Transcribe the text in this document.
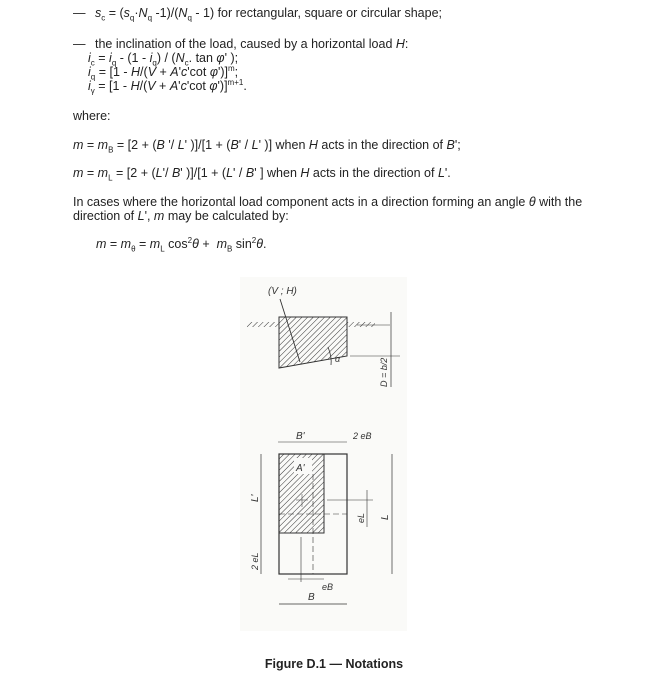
— $s_c = (s_q\cdot N_q$ $-1)/(N_q - 1)$ for rectangular, square or circular shape;
— the inclination of the load, caused by a horizontal load H:
$i_c = i_q - (1 - i_q) / (N_c$. tan φ' );
$i_q = [1 - H/(V + A'c'\cot$ φ')]$^m$;
$i_\gamma = [1 - H/(V + A'c'\cot$ φ')]$^{m+1}$.
where:
$m = m_B = [2 + (B$ '/ L' )]/[1 + (B' / L' )] when H acts in the direction of B';
$m = m_L = [2 + (L'/$ B' )]/[1 + (L' / B' ] when H acts in the direction of L'.
In cases where the horizontal load component acts in a direction forming an angle θ with the
direction of L', m may be calculated by:
$m = m_\theta = m_L$ $\cos^2\theta + m_B$ $\sin^2\theta$.
(V ; H)
α	D = b/2
B'	2 eB
A'
eL L
L'
2 eL
eB
B
Figure D.1 — Notations
